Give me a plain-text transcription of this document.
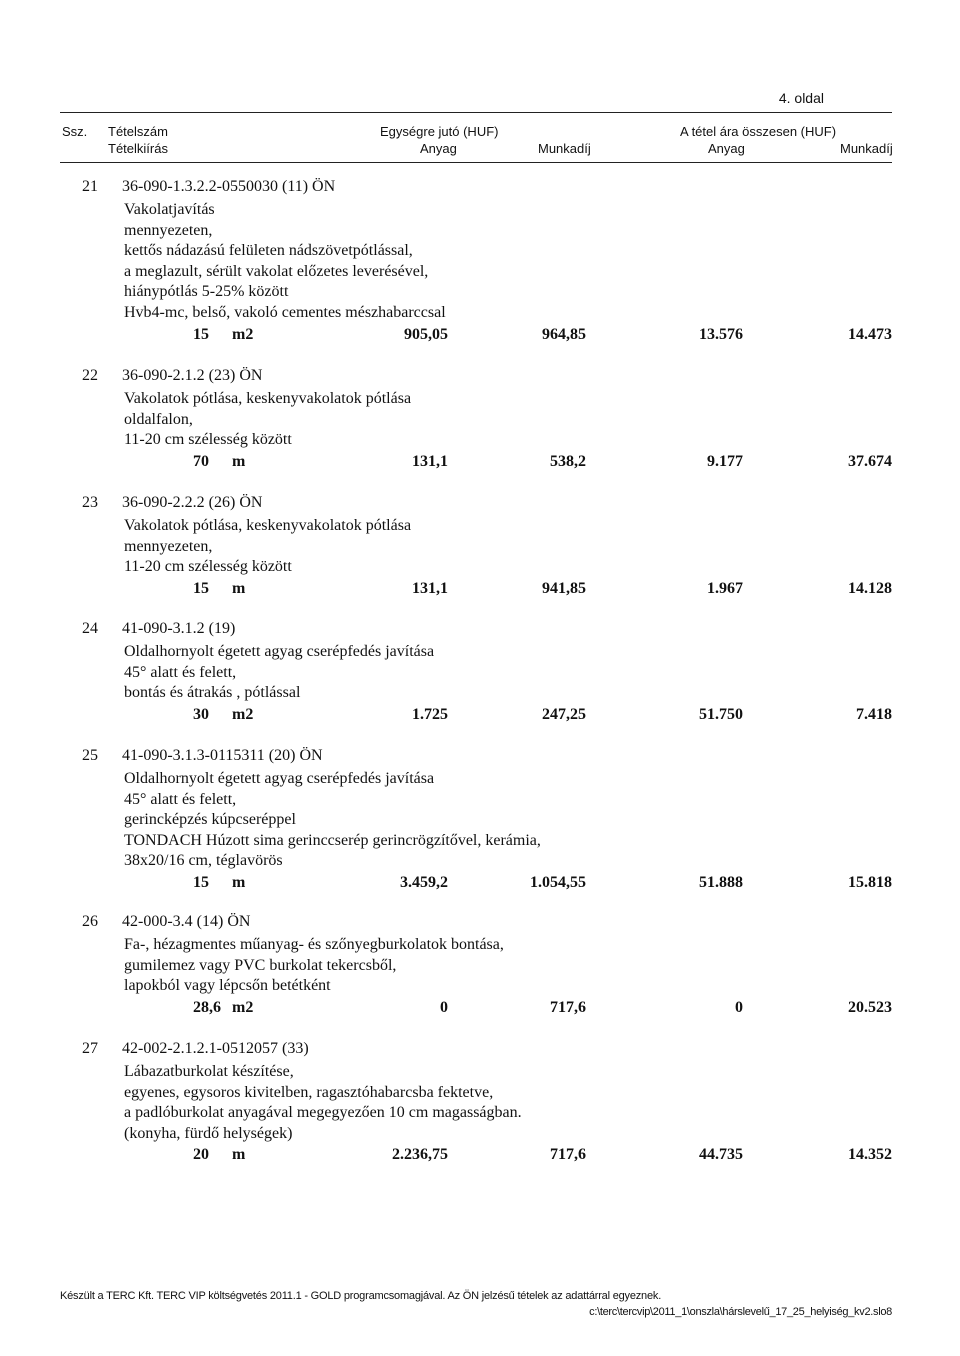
4. oldal
Ssz. Tételszám
Tételkiírás
Egységre jutó (HUF)
Anyag	Munkadíj
A tétel ára összesen (HUF)
Anyag	Munkadíj
21 36-090-1.3.2.2-0550030 (11) ÖN
Vakolatjavítás
mennyezeten,
kettős nádazású felületen nádszövetpótlással,
a meglazult, sérült vakolat előzetes leverésével,
hiánypótlás 5-25% között
Hvb4-mc, belső, vakoló cementes mészhabarccsal
15 m2	905,05	964,85	13.576	14.473
22 36-090-2.1.2 (23) ÖN
Vakolatok pótlása, keskenyvakolatok pótlása
oldalfalon,
11-20 cm szélesség között
70 m	131,1	538,2	9.177	37.674
23 36-090-2.2.2 (26) ÖN
Vakolatok pótlása, keskenyvakolatok pótlása
mennyezeten,
11-20 cm szélesség között
15 m	131,1	941,85	1.967	14.128
24 41-090-3.1.2 (19)
Oldalhornyolt égetett agyag cserépfedés javítása
45° alatt és felett,
bontás és átrakás , pótlással
30 m2	1.725	247,25	51.750	7.418
25 41-090-3.1.3-0115311 (20) ÖN
Oldalhornyolt égetett agyag cserépfedés javítása
45° alatt és felett,
gerincképzés kúpcseréppel
TONDACH Húzott sima gerinccserép gerincrögzítővel, kerámia,
38x20/16 cm, téglavörös
15 m	3.459,2	1.054,55	51.888	15.818
26 42-000-3.4 (14) ÖN
Fa-, hézagmentes műanyag- és szőnyegburkolatok bontása,
gumilemez vagy PVC burkolat tekercsből,
lapokból vagy lépcsőn betétként
28,6 m2	0	717,6	0	20.523
27 42-002-2.1.2.1-0512057 (33)
Lábazatburkolat készítése,
egyenes, egysoros kivitelben, ragasztóhabarcsba fektetve,
a padlóburkolat anyagával megegyezően 10 cm magasságban.
(konyha, fürdő helységek)
20 m	2.236,75	717,6	44.735	14.352
Készült a TERC Kft. TERC VIP költségvetés 2011.1 - GOLD programcsomagjával. Az ÖN jelzésű tételek az adattárral egyeznek.
c:\terc\tercvip\2011_1\onszla\hárslevelű_17_25_helyiség_kv2.slo8
